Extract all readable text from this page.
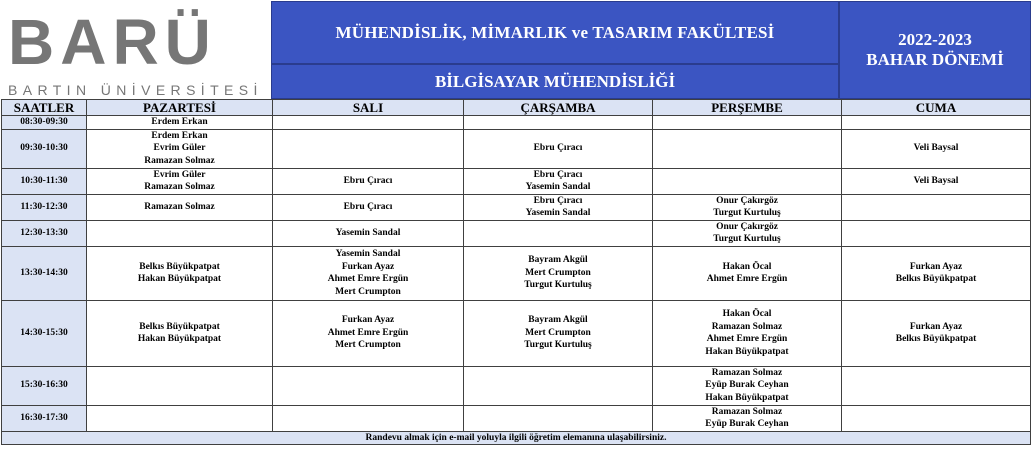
BARÜ
BARTIN ÜNİVERSİTESİ
MÜHENDİSLİK, MİMARLIK ve TASARIM FAKÜLTESİ
BİLGİSAYAR MÜHENDİSLİĞİ
2022-2023
BAHAR DÖNEMİ
SAATLER	PAZARTESİ	SALI	ÇARŞAMBA	PERŞEMBE	CUMA
08:30-09:30	Erdem Erkan				

09:30-10:30	Erdem Erkan
Evrim Güler
Ramazan Solmaz		Ebru Çıracı		Veli Baysal

10:30-11:30	Evrim Güler
Ramazan Solmaz	Ebru Çıracı	Ebru Çıracı
Yasemin Sandal		Veli Baysal

11:30-12:30	Ramazan Solmaz	Ebru Çıracı	Ebru Çıracı
Yasemin Sandal	Onur Çakırgöz
Turgut Kurtuluş	

12:30-13:30		Yasemin Sandal		Onur Çakırgöz
Turgut Kurtuluş	

13:30-14:30	Belkıs Büyükpatpat
Hakan Büyükpatpat	Yasemin Sandal
Furkan Ayaz
Ahmet Emre Ergün
Mert Crumpton	Bayram Akgül
Mert Crumpton
Turgut Kurtuluş	Hakan Öcal
Ahmet Emre Ergün	Furkan Ayaz
Belkıs Büyükpatpat

14:30-15:30	Belkıs Büyükpatpat
Hakan Büyükpatpat	Furkan Ayaz
Ahmet Emre Ergün
Mert Crumpton	Bayram Akgül
Mert Crumpton
Turgut Kurtuluş	Hakan Öcal
Ramazan Solmaz
Ahmet Emre Ergün
Hakan Büyükpatpat	Furkan Ayaz
Belkıs Büyükpatpat

15:30-16:30				Ramazan Solmaz
Eyüp Burak Ceyhan
Hakan Büyükpatpat	

16:30-17:30				Ramazan Solmaz
Eyüp Burak Ceyhan	

Randevu almak için e-mail yoluyla ilgili öğretim elemanına ulaşabilirsiniz.					
